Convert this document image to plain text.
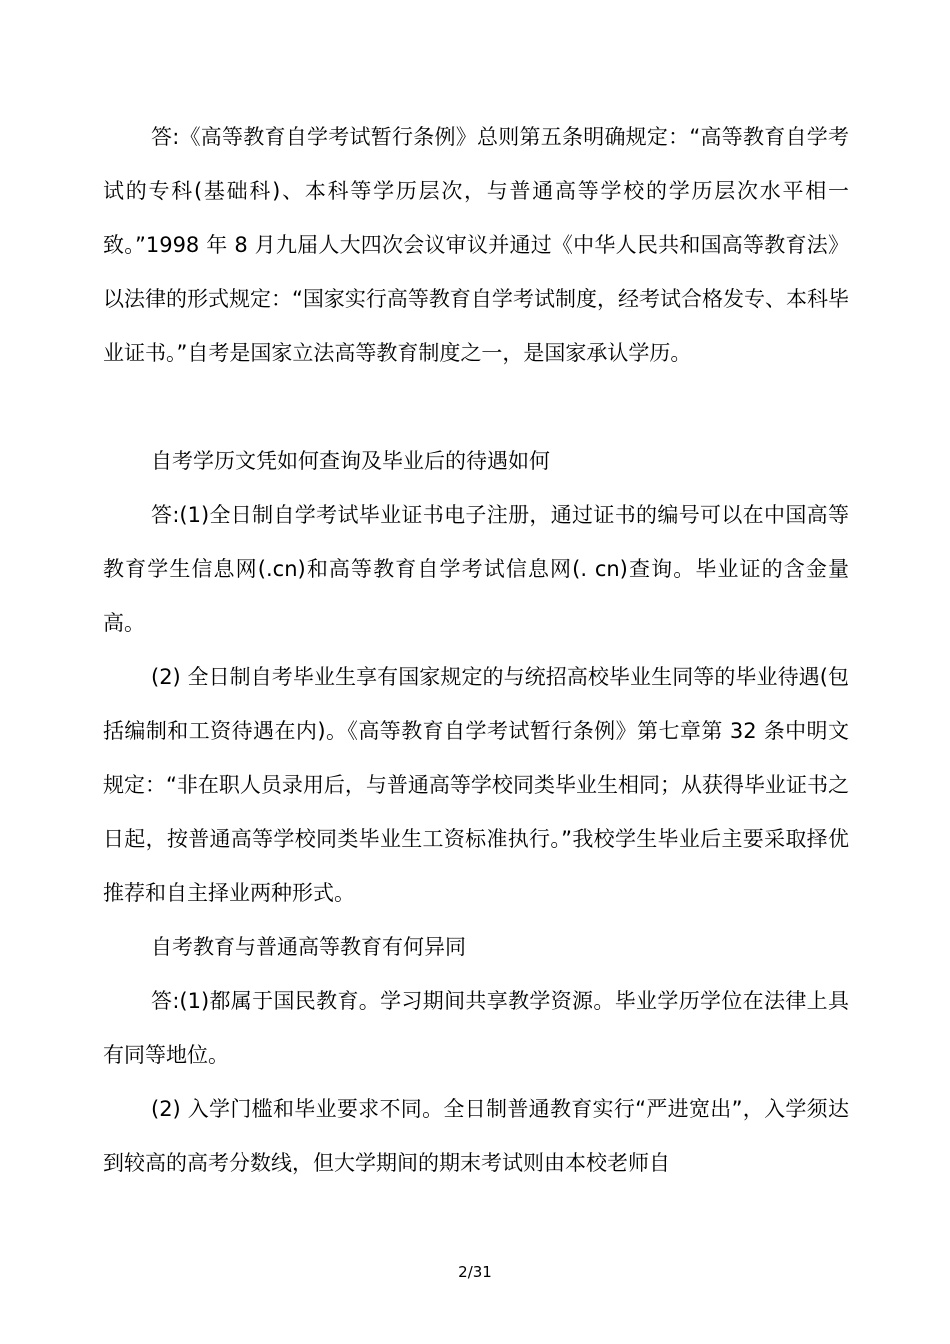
答:《高等教育自学考试暂行条例》总则第五条明确规定：“高等教育自学考试的专科(基础科)、本科等学历层次，与普通高等学校的学历层次水平相一致。”1998 年 8 月九届人大四次会议审议并通过《中华人民共和国高等教育法》以法律的形式规定：“国家实行高等教育自学考试制度，经考试合格发专、本科毕业证书。”自考是国家立法高等教育制度之一，是国家承认学历。

自考学历文凭如何查询及毕业后的待遇如何

答:(1)全日制自学考试毕业证书电子注册，通过证书的编号可以在中国高等教育学生信息网(.cn)和高等教育自学考试信息网(. cn)查询。毕业证的含金量高。

(2) 全日制自考毕业生享有国家规定的与统招高校毕业生同等的毕业待遇(包括编制和工资待遇在内)。《高等教育自学考试暂行条例》第七章第 32 条中明文规定：“非在职人员录用后，与普通高等学校同类毕业生相同；从获得毕业证书之日起，按普通高等学校同类毕业生工资标准执行。”我校学生毕业后主要采取择优推荐和自主择业两种形式。

自考教育与普通高等教育有何异同

答:(1)都属于国民教育。学习期间共享教学资源。毕业学历学位在法律上具有同等地位。

(2) 入学门槛和毕业要求不同。全日制普通教育实行“严进宽出”，入学须达到较高的高考分数线，但大学期间的期末考试则由本校老师自

2/31
